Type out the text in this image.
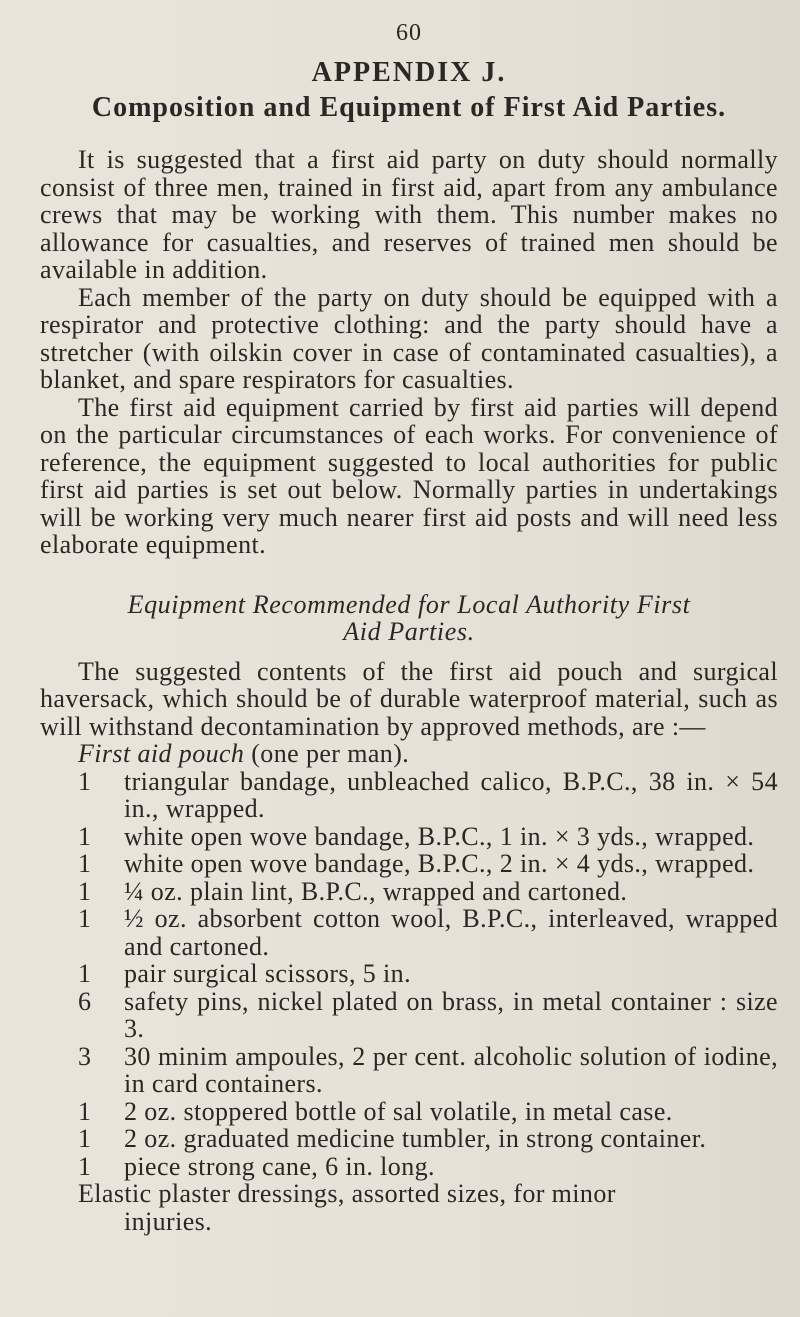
60
APPENDIX J.
Composition and Equipment of First Aid Parties.

It is suggested that a first aid party on duty should normally consist of three men, trained in first aid, apart from any ambulance crews that may be working with them. This number makes no allowance for casualties, and reserves of trained men should be available in addition.

Each member of the party on duty should be equipped with a respirator and protective clothing: and the party should have a stretcher (with oilskin cover in case of contaminated casualties), a blanket, and spare respirators for casualties.

The first aid equipment carried by first aid parties will depend on the particular circumstances of each works. For convenience of reference, the equipment suggested to local authorities for public first aid parties is set out below. Normally parties in undertakings will be working very much nearer first aid posts and will need less elaborate equipment.

Equipment Recommended for Local Authority First
Aid Parties.

The suggested contents of the first aid pouch and surgical haversack, which should be of durable waterproof material, such as will withstand decontamination by approved methods, are :—

First aid pouch (one per man).
1	triangular bandage, unbleached calico, B.P.C., 38 in. × 54 in., wrapped.
1	white open wove bandage, B.P.C., 1 in. × 3 yds., wrapped.
1	white open wove bandage, B.P.C., 2 in. × 4 yds., wrapped.
1	¼ oz. plain lint, B.P.C., wrapped and cartoned.
1	½ oz. absorbent cotton wool, B.P.C., interleaved, wrapped and cartoned.
1	pair surgical scissors, 5 in.
6	safety pins, nickel plated on brass, in metal container : size 3.
3	30 minim ampoules, 2 per cent. alcoholic solution of iodine, in card containers.
1	2 oz. stoppered bottle of sal volatile, in metal case.
1	2 oz. graduated medicine tumbler, in strong container.
1	piece strong cane, 6 in. long.
Elastic plaster dressings, assorted sizes, for minor
injuries.
